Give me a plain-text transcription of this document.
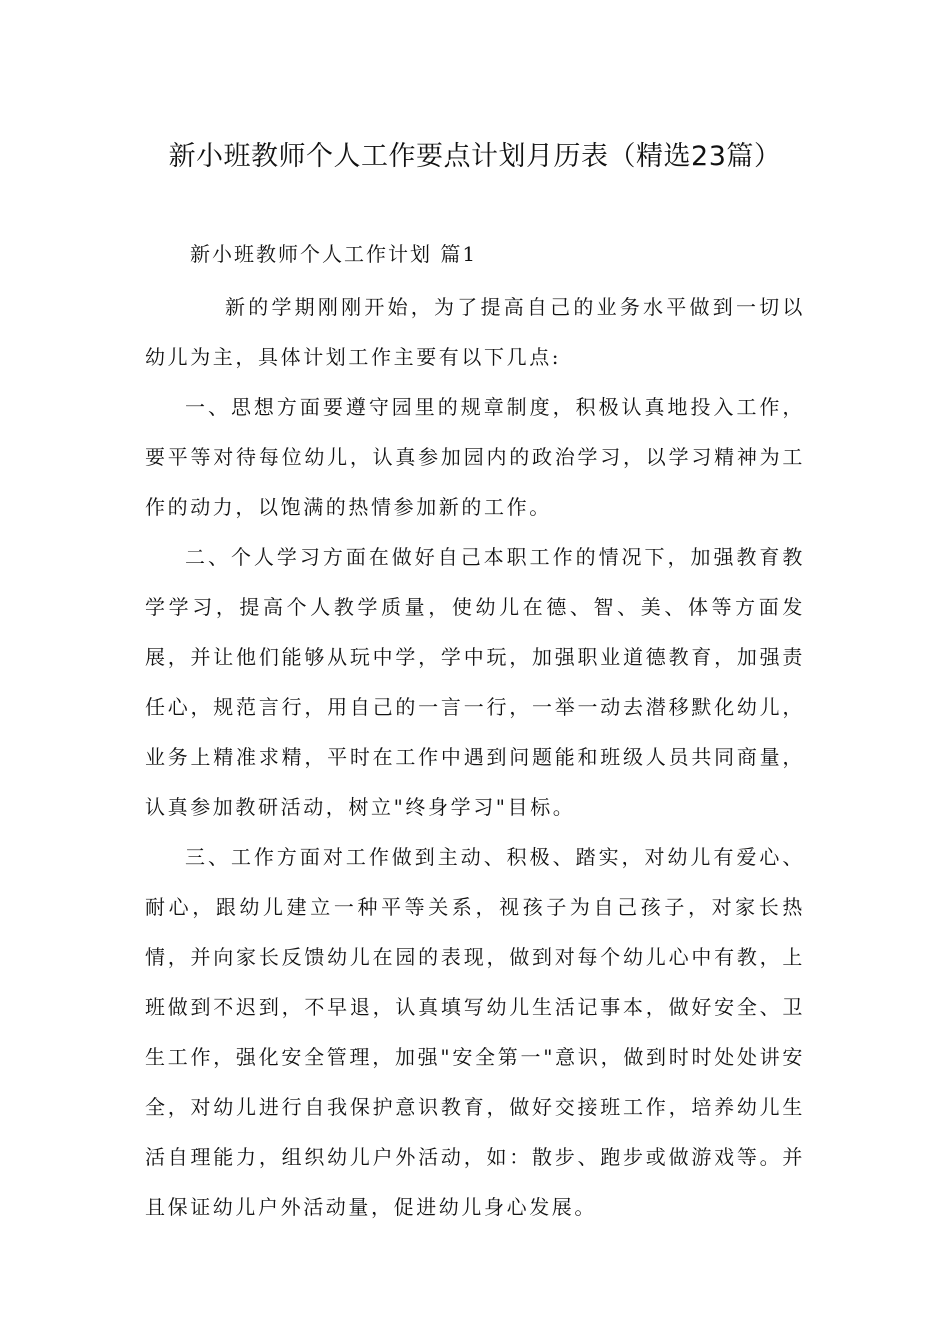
新小班教师个人工作要点计划月历表（精选23篇）
新小班教师个人工作计划 篇1

新的学期刚刚开始，为了提高自己的业务水平做到一切以幼儿为主，具体计划工作主要有以下几点:

一、思想方面要遵守园里的规章制度，积极认真地投入工作，要平等对待每位幼儿，认真参加园内的政治学习，以学习精神为工作的动力，以饱满的热情参加新的工作。

二、个人学习方面在做好自己本职工作的情况下，加强教育教学学习，提高个人教学质量，使幼儿在德、智、美、体等方面发展，并让他们能够从玩中学，学中玩，加强职业道德教育，加强责任心，规范言行，用自己的一言一行，一举一动去潜移默化幼儿，业务上精准求精，平时在工作中遇到问题能和班级人员共同商量，认真参加教研活动，树立"终身学习"目标。

三、工作方面对工作做到主动、积极、踏实，对幼儿有爱心、耐心，跟幼儿建立一种平等关系，视孩子为自己孩子，对家长热情，并向家长反馈幼儿在园的表现，做到对每个幼儿心中有教，上班做到不迟到，不早退，认真填写幼儿生活记事本，做好安全、卫生工作，强化安全管理，加强"安全第一"意识，做到时时处处讲安全，对幼儿进行自我保护意识教育，做好交接班工作，培养幼儿生活自理能力，组织幼儿户外活动，如：散步、跑步或做游戏等。并且保证幼儿户外活动量，促进幼儿身心发展。
